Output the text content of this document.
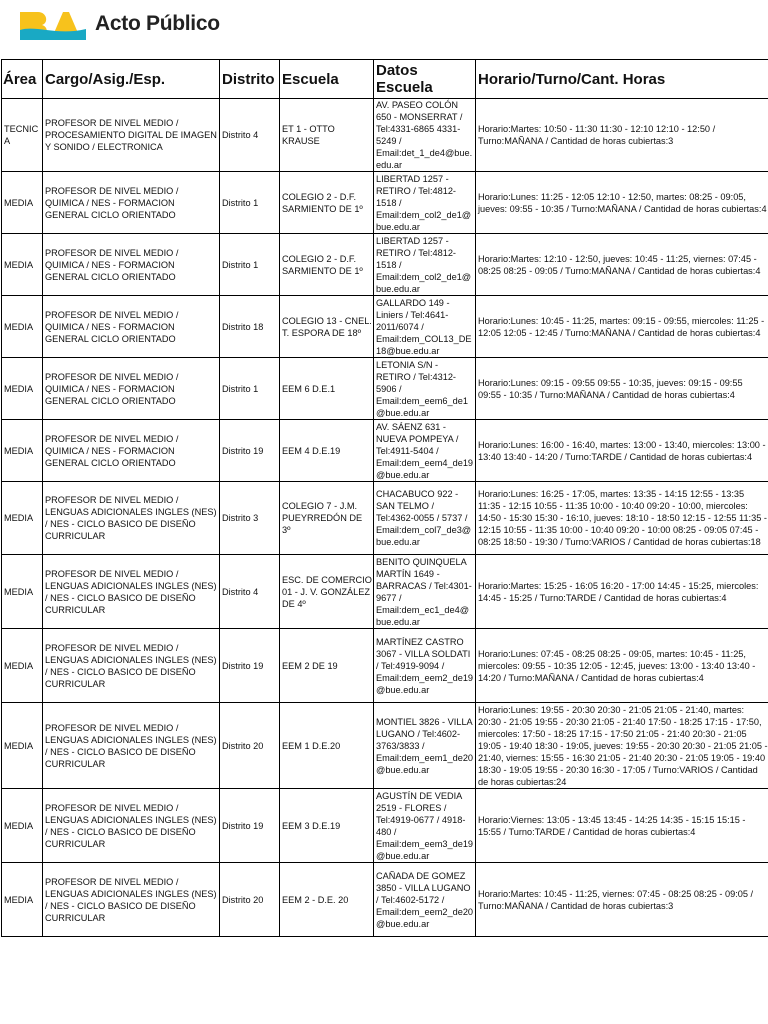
Acto Público
Área	Cargo/Asig./Esp.	Distrito	Escuela	Datos Escuela	Horario/Turno/Cant. Horas
TECNICA	PROFESOR DE NIVEL MEDIO / PROCESAMIENTO DIGITAL DE IMAGEN Y SONIDO / ELECTRONICA	Distrito 4	ET 1 - OTTO KRAUSE	AV. PASEO COLÓN 650 - MONSERRAT / Tel:4331-6865 4331-5249 / Email:det_1_de4@bue.edu.ar	Horario:Martes: 10:50 - 11:30 11:30 - 12:10 12:10 - 12:50 / Turno:MAÑANA / Cantidad de horas cubiertas:3
MEDIA	PROFESOR DE NIVEL MEDIO / QUIMICA / NES - FORMACION GENERAL CICLO ORIENTADO	Distrito 1	COLEGIO 2 - D.F. SARMIENTO DE 1º	LIBERTAD 1257 - RETIRO / Tel:4812-1518 / Email:dem_col2_de1@bue.edu.ar	Horario:Lunes: 11:25 - 12:05 12:10 - 12:50, martes: 08:25 - 09:05, jueves: 09:55 - 10:35 / Turno:MAÑANA / Cantidad de horas cubiertas:4
MEDIA	PROFESOR DE NIVEL MEDIO / QUIMICA / NES - FORMACION GENERAL CICLO ORIENTADO	Distrito 1	COLEGIO 2 - D.F. SARMIENTO DE 1º	LIBERTAD 1257 - RETIRO / Tel:4812-1518 / Email:dem_col2_de1@bue.edu.ar	Horario:Martes: 12:10 - 12:50, jueves: 10:45 - 11:25, viernes: 07:45 - 08:25 08:25 - 09:05 / Turno:MAÑANA / Cantidad de horas cubiertas:4
MEDIA	PROFESOR DE NIVEL MEDIO / QUIMICA / NES - FORMACION GENERAL CICLO ORIENTADO	Distrito 18	COLEGIO 13 - CNEL. T. ESPORA DE 18º	GALLARDO 149 - Liniers / Tel:4641-2011/6074 / Email:dem_COL13_DE18@bue.edu.ar	Horario:Lunes: 10:45 - 11:25, martes: 09:15 - 09:55, miercoles: 11:25 - 12:05 12:05 - 12:45 / Turno:MAÑANA / Cantidad de horas cubiertas:4
MEDIA	PROFESOR DE NIVEL MEDIO / QUIMICA / NES - FORMACION GENERAL CICLO ORIENTADO	Distrito 1	EEM 6 D.E.1	LETONIA S/N - RETIRO / Tel:4312-5906 / Email:dem_eem6_de1@bue.edu.ar	Horario:Lunes: 09:15 - 09:55 09:55 - 10:35, jueves: 09:15 - 09:55 09:55 - 10:35 / Turno:MAÑANA / Cantidad de horas cubiertas:4
MEDIA	PROFESOR DE NIVEL MEDIO / QUIMICA / NES - FORMACION GENERAL CICLO ORIENTADO	Distrito 19	EEM 4 D.E.19	AV. SÁENZ 631 - NUEVA POMPEYA / Tel:4911-5404 / Email:dem_eem4_de19@bue.edu.ar	Horario:Lunes: 16:00 - 16:40, martes: 13:00 - 13:40, miercoles: 13:00 - 13:40 13:40 - 14:20 / Turno:TARDE / Cantidad de horas cubiertas:4
MEDIA	PROFESOR DE NIVEL MEDIO / LENGUAS ADICIONALES INGLES (NES) / NES - CICLO BASICO DE DISEÑO CURRICULAR	Distrito 3	COLEGIO 7 - J.M. PUEYRREDÓN DE 3º	CHACABUCO 922 - SAN TELMO / Tel:4362-0055 / 5737 / Email:dem_col7_de3@bue.edu.ar	Horario:Lunes: 16:25 - 17:05, martes: 13:35 - 14:15 12:55 - 13:35 11:35 - 12:15 10:55 - 11:35 10:00 - 10:40 09:20 - 10:00, miercoles: 14:50 - 15:30 15:30 - 16:10, jueves: 18:10 - 18:50 12:15 - 12:55 11:35 - 12:15 10:55 - 11:35 10:00 - 10:40 09:20 - 10:00 08:25 - 09:05 07:45 - 08:25 18:50 - 19:30 / Turno:VARIOS / Cantidad de horas cubiertas:18
MEDIA	PROFESOR DE NIVEL MEDIO / LENGUAS ADICIONALES INGLES (NES) / NES - CICLO BASICO DE DISEÑO CURRICULAR	Distrito 4	ESC. DE COMERCIO 01 - J. V. GONZÁLEZ DE 4º	BENITO QUINQUELA MARTÍN 1649 - BARRACAS / Tel:4301-9677 / Email:dem_ec1_de4@bue.edu.ar	Horario:Martes: 15:25 - 16:05 16:20 - 17:00 14:45 - 15:25, miercoles: 14:45 - 15:25 / Turno:TARDE / Cantidad de horas cubiertas:4
MEDIA	PROFESOR DE NIVEL MEDIO / LENGUAS ADICIONALES INGLES (NES) / NES - CICLO BASICO DE DISEÑO CURRICULAR	Distrito 19	EEM 2 DE 19	MARTÍNEZ CASTRO 3067 - VILLA SOLDATI / Tel:4919-9094 / Email:dem_eem2_de19@bue.edu.ar	Horario:Lunes: 07:45 - 08:25 08:25 - 09:05, martes: 10:45 - 11:25, miercoles: 09:55 - 10:35 12:05 - 12:45, jueves: 13:00 - 13:40 13:40 - 14:20 / Turno:MAÑANA / Cantidad de horas cubiertas:4
MEDIA	PROFESOR DE NIVEL MEDIO / LENGUAS ADICIONALES INGLES (NES) / NES - CICLO BASICO DE DISEÑO CURRICULAR	Distrito 20	EEM 1 D.E.20	MONTIEL 3826 - VILLA LUGANO / Tel:4602-3763/3833 / Email:dem_eem1_de20@bue.edu.ar	Horario:Lunes: 19:55 - 20:30 20:30 - 21:05 21:05 - 21:40, martes: 20:30 - 21:05 19:55 - 20:30 21:05 - 21:40 17:50 - 18:25 17:15 - 17:50, miercoles: 17:50 - 18:25 17:15 - 17:50 21:05 - 21:40 20:30 - 21:05 19:05 - 19:40 18:30 - 19:05, jueves: 19:55 - 20:30 20:30 - 21:05 21:05 - 21:40, viernes: 15:55 - 16:30 21:05 - 21:40 20:30 - 21:05 19:05 - 19:40 18:30 - 19:05 19:55 - 20:30 16:30 - 17:05 / Turno:VARIOS / Cantidad de horas cubiertas:24
MEDIA	PROFESOR DE NIVEL MEDIO / LENGUAS ADICIONALES INGLES (NES) / NES - CICLO BASICO DE DISEÑO CURRICULAR	Distrito 19	EEM 3 D.E.19	AGUSTÍN DE VEDIA 2519 - FLORES / Tel:4919-0677 / 4918-480 / Email:dem_eem3_de19@bue.edu.ar	Horario:Viernes: 13:05 - 13:45 13:45 - 14:25 14:35 - 15:15 15:15 - 15:55 / Turno:TARDE / Cantidad de horas cubiertas:4
MEDIA	PROFESOR DE NIVEL MEDIO / LENGUAS ADICIONALES INGLES (NES) / NES - CICLO BASICO DE DISEÑO CURRICULAR	Distrito 20	EEM 2 - D.E. 20	CAÑADA DE GOMEZ 3850 - VILLA LUGANO / Tel:4602-5172 / Email:dem_eem2_de20@bue.edu.ar	Horario:Martes: 10:45 - 11:25, viernes: 07:45 - 08:25 08:25 - 09:05 / Turno:MAÑANA / Cantidad de horas cubiertas:3
